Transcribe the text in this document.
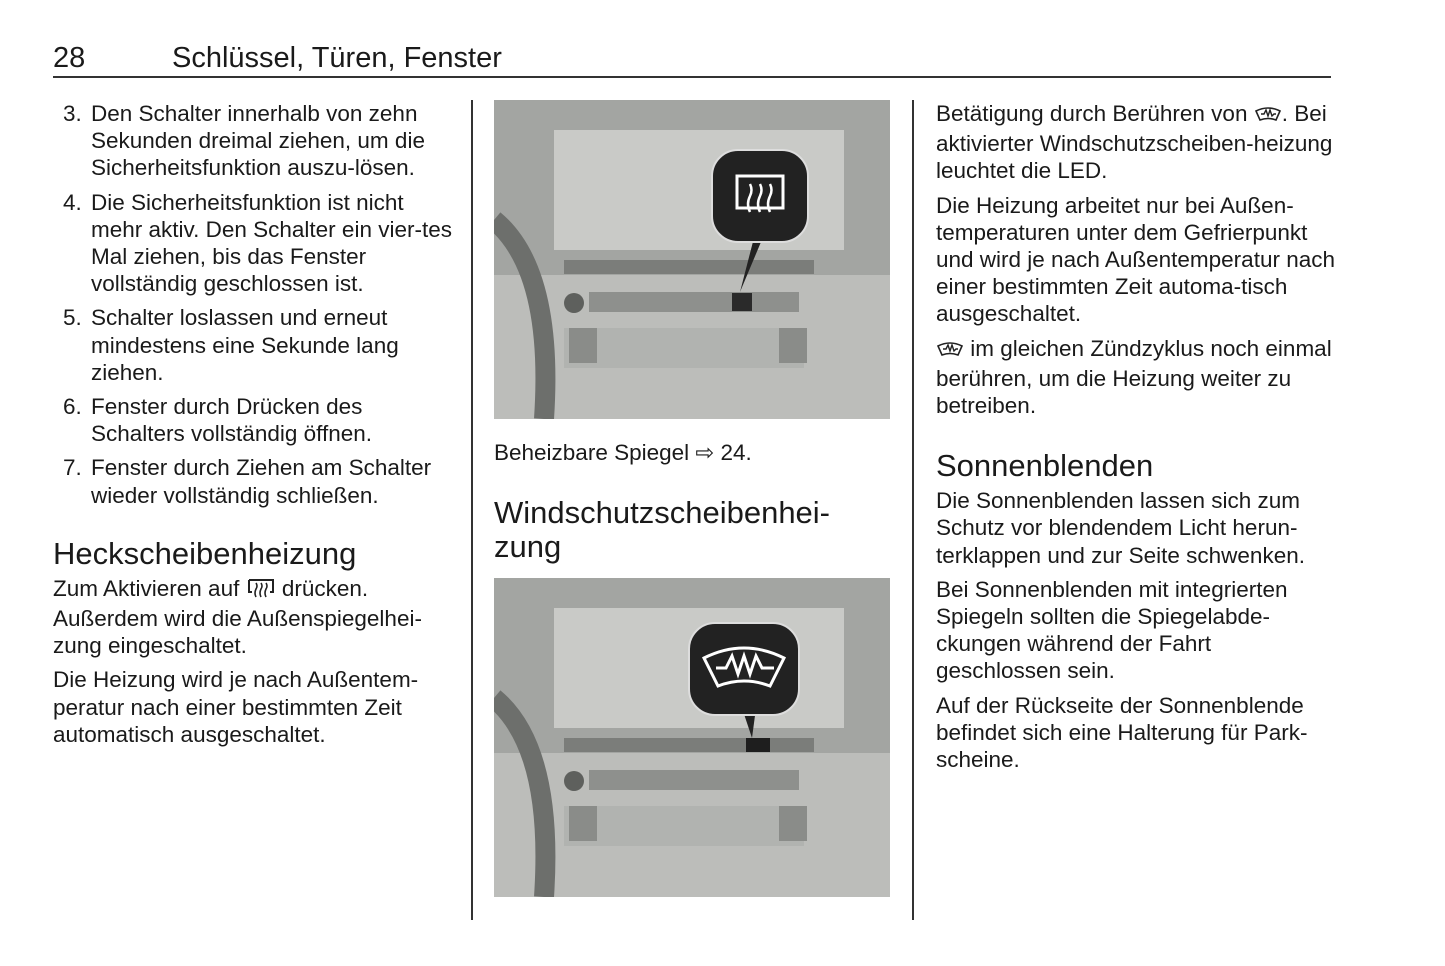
28	Schlüssel, Türen, Fenster
3. Den Schalter innerhalb von zehn Sekunden dreimal ziehen, um die Sicherheitsfunktion auszu-lösen.
4. Die Sicherheitsfunktion ist nicht mehr aktiv. Den Schalter ein vier-tes Mal ziehen, bis das Fenster vollständig geschlossen ist.
5. Schalter loslassen und erneut mindestens eine Sekunde lang ziehen.
6. Fenster durch Drücken des Schalters vollständig öffnen.
7. Fenster durch Ziehen am Schalter wieder vollständig schließen.
Heckscheibenheizung

Zum Aktivieren auf drücken. Außerdem wird die Außenspiegelhei-zung eingeschaltet.

Die Heizung wird je nach Außentem-peratur nach einer bestimmten Zeit automatisch ausgeschaltet.

Beheizbare Spiegel ⇨ 24.

Windschutzscheibenhei-
zung

Betätigung durch Berühren von . Bei aktivierter Windschutzscheiben-heizung leuchtet die LED.

Die Heizung arbeitet nur bei Außen-temperaturen unter dem Gefrierpunkt und wird je nach Außentemperatur nach einer bestimmten Zeit automa-tisch ausgeschaltet.

im gleichen Zündzyklus noch einmal berühren, um die Heizung weiter zu betreiben.

Sonnenblenden

Die Sonnenblenden lassen sich zum Schutz vor blendendem Licht herun-terklappen und zur Seite schwenken.

Bei Sonnenblenden mit integrierten Spiegeln sollten die Spiegelabde-ckungen während der Fahrt geschlossen sein.

Auf der Rückseite der Sonnenblende befindet sich eine Halterung für Park-scheine.
